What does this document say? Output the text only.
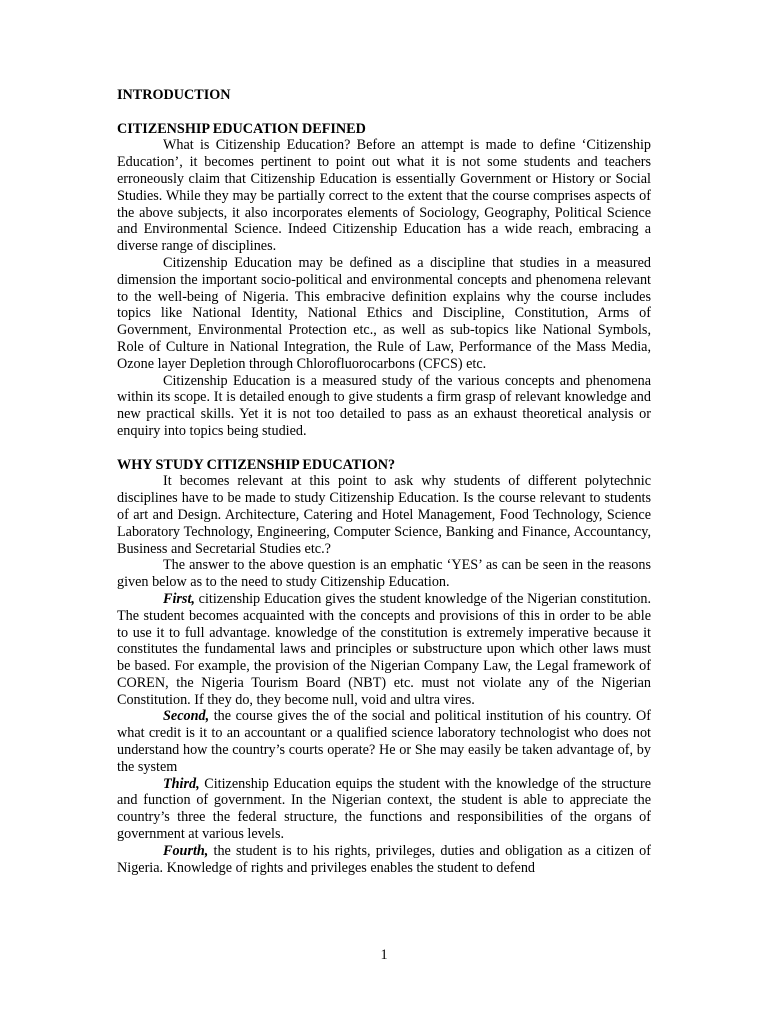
INTRODUCTION
CITIZENSHIP EDUCATION DEFINED

What is Citizenship Education? Before an attempt is made to define ‘Citizenship Education’, it becomes pertinent to point out what it is not some students and teachers erroneously claim that Citizenship Education is essentially Government or History or Social Studies. While they may be partially correct to the extent that the course comprises aspects of the above subjects, it also incorporates elements of Sociology, Geography, Political Science and Environmental Science. Indeed Citizenship Education has a wide reach, embracing a diverse range of disciplines.

Citizenship Education may be defined as a discipline that studies in a measured dimension the important socio-political and environmental concepts and phenomena relevant to the well-being of Nigeria. This embracive definition explains why the course includes topics like National Identity, National Ethics and Discipline, Constitution, Arms of Government, Environmental Protection etc., as well as sub-topics like National Symbols, Role of Culture in National Integration, the Rule of Law, Performance of the Mass Media, Ozone layer Depletion through Chlorofluorocarbons (CFCS) etc.

Citizenship Education is a measured study of the various concepts and phenomena within its scope. It is detailed enough to give students a firm grasp of relevant knowledge and new practical skills. Yet it is not too detailed to pass as an exhaust theoretical analysis or enquiry into topics being studied.

WHY STUDY CITIZENSHIP EDUCATION?

It becomes relevant at this point to ask why students of different polytechnic disciplines have to be made to study Citizenship Education. Is the course relevant to students of art and Design. Architecture, Catering and Hotel Management, Food Technology, Science Laboratory Technology, Engineering, Computer Science, Banking and Finance, Accountancy, Business and Secretarial Studies etc.?

The answer to the above question is an emphatic ‘YES’ as can be seen in the reasons given below as to the need to study Citizenship Education.

First, citizenship Education gives the student knowledge of the Nigerian constitution. The student becomes acquainted with the concepts and provisions of this in order to be able to use it to full advantage. knowledge of the constitution is extremely imperative because it constitutes the fundamental laws and principles or substructure upon which other laws must be based. For example, the provision of the Nigerian Company Law, the Legal framework of COREN, the Nigeria Tourism Board (NBT) etc. must not violate any of the Nigerian Constitution. If they do, they become null, void and ultra vires.

Second, the course gives the of the social and political institution of his country. Of what credit is it to an accountant or a qualified science laboratory technologist who does not understand how the country’s courts operate? He or She may easily be taken advantage of, by the system

Third, Citizenship Education equips the student with the knowledge of the structure and function of government. In the Nigerian context, the student is able to appreciate the country’s three the federal structure, the functions and responsibilities of the organs of government at various levels.

Fourth, the student is to his rights, privileges, duties and obligation as a citizen of Nigeria. Knowledge of rights and privileges enables the student to defend

1
